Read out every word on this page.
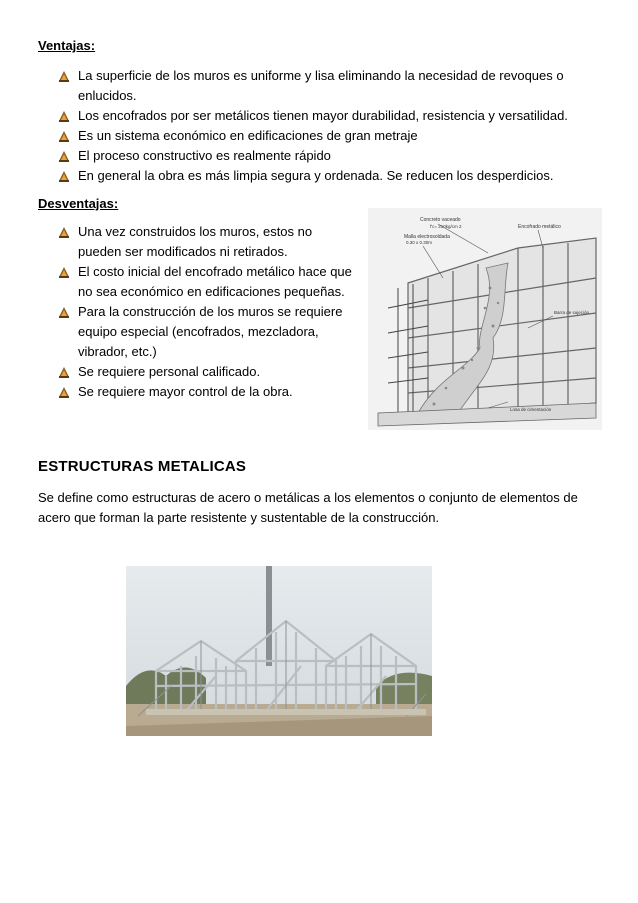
Ventajas:
La superficie de los muros es uniforme y lisa eliminando la necesidad de revoques o enlucidos.
Los encofrados por ser metálicos tienen mayor durabilidad, resistencia y versatilidad.
Es un sistema económico en edificaciones de gran metraje
El proceso constructivo es realmente rápido
En general la obra es más limpia segura y ordenada. Se reducen los desperdicios.
Desventajas:
Una vez construidos los muros, estos no pueden ser modificados ni retirados.
El costo inicial del encofrado metálico hace que no sea económico en edificaciones pequeñas.
Para la construcción de los muros se requiere equipo especial (encofrados, mezcladora, vibrador, etc.)
Se requiere personal calificado.
Se requiere mayor control de la obra.
Concreto vaceado
f'c= 210kg/cm 2
Malla electrosoldada
0.30 x 0.30m
Encofrado metálico
Barra de sujeción
Losa de cimentación
ESTRUCTURAS METALICAS
Se define como estructuras de acero o metálicas a los elementos o conjunto de elementos de acero que forman la parte resistente y sustentable de la construcción.
